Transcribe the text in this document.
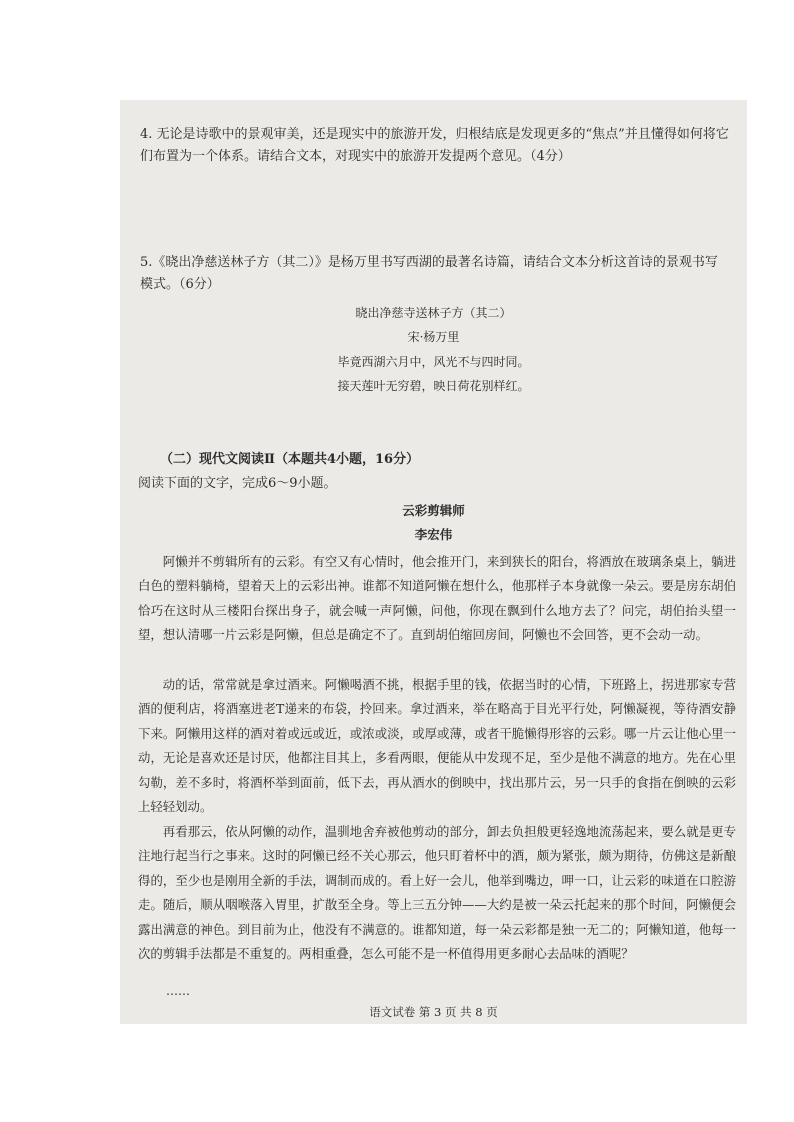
4. 无论是诗歌中的景观审美，还是现实中的旅游开发，归根结底是发现更多的“焦点”并且懂得如何将它们布置为一个体系。请结合文本，对现实中的旅游开发提两个意见。（4分）

5.《晓出净慈送林子方（其二）》是杨万里书写西湖的最著名诗篇，请结合文本分析这首诗的景观书写模式。（6分）

晓出净慈寺送林子方（其二）
宋·杨万里
毕竟西湖六月中，风光不与四时同。
接天莲叶无穷碧，映日荷花别样红。
（二）现代文阅读Ⅱ（本题共4小题，16分）
阅读下面的文字，完成6～9小题。
云彩剪辑师
李宏伟

阿懒并不剪辑所有的云彩。有空又有心情时，他会推开门，来到狭长的阳台，将酒放在玻璃条桌上，躺进白色的塑料躺椅，望着天上的云彩出神。谁都不知道阿懒在想什么，他那样子本身就像一朵云。要是房东胡伯恰巧在这时从三楼阳台探出身子，就会喊一声阿懒，问他，你现在飘到什么地方去了？问完，胡伯抬头望一望，想认清哪一片云彩是阿懒，但总是确定不了。直到胡伯缩回房间，阿懒也不会回答，更不会动一动。

动的话，常常就是拿过酒来。阿懒喝酒不挑，根据手里的钱，依据当时的心情，下班路上，拐进那家专营酒的便利店，将酒塞进老T递来的布袋，拎回来。拿过酒来，举在略高于目光平行处，阿懒凝视，等待酒安静下来。阿懒用这样的酒对着或远或近，或浓或淡，或厚或薄，或者干脆懒得形容的云彩。哪一片云让他心里一动，无论是喜欢还是讨厌，他都注目其上，多看两眼，便能从中发现不足，至少是他不满意的地方。先在心里勾勒，差不多时，将酒杯举到面前，低下去，再从酒水的倒映中，找出那片云，另一只手的食指在倒映的云彩上轻轻划动。

再看那云，依从阿懒的动作，温驯地舍弃被他剪动的部分，卸去负担般更轻逸地流荡起来，要么就是更专注地行起当行之事来。这时的阿懒已经不关心那云，他只盯着杯中的酒，颇为紧张，颇为期待，仿佛这是新酿得的，至少也是刚用全新的手法，调制而成的。看上好一会儿，他举到嘴边，呷一口，让云彩的味道在口腔游走。随后，顺从咽喉落入胃里，扩散至全身。等上三五分钟——大约是被一朵云托起来的那个时间，阿懒便会露出满意的神色。到目前为止，他没有不满意的。谁都知道，每一朵云彩都是独一无二的；阿懒知道，他每一次的剪辑手法都是不重复的。两相重叠，怎么可能不是一杯值得用更多耐心去品味的酒呢？

……
语文试卷 第 3 页 共 8 页
